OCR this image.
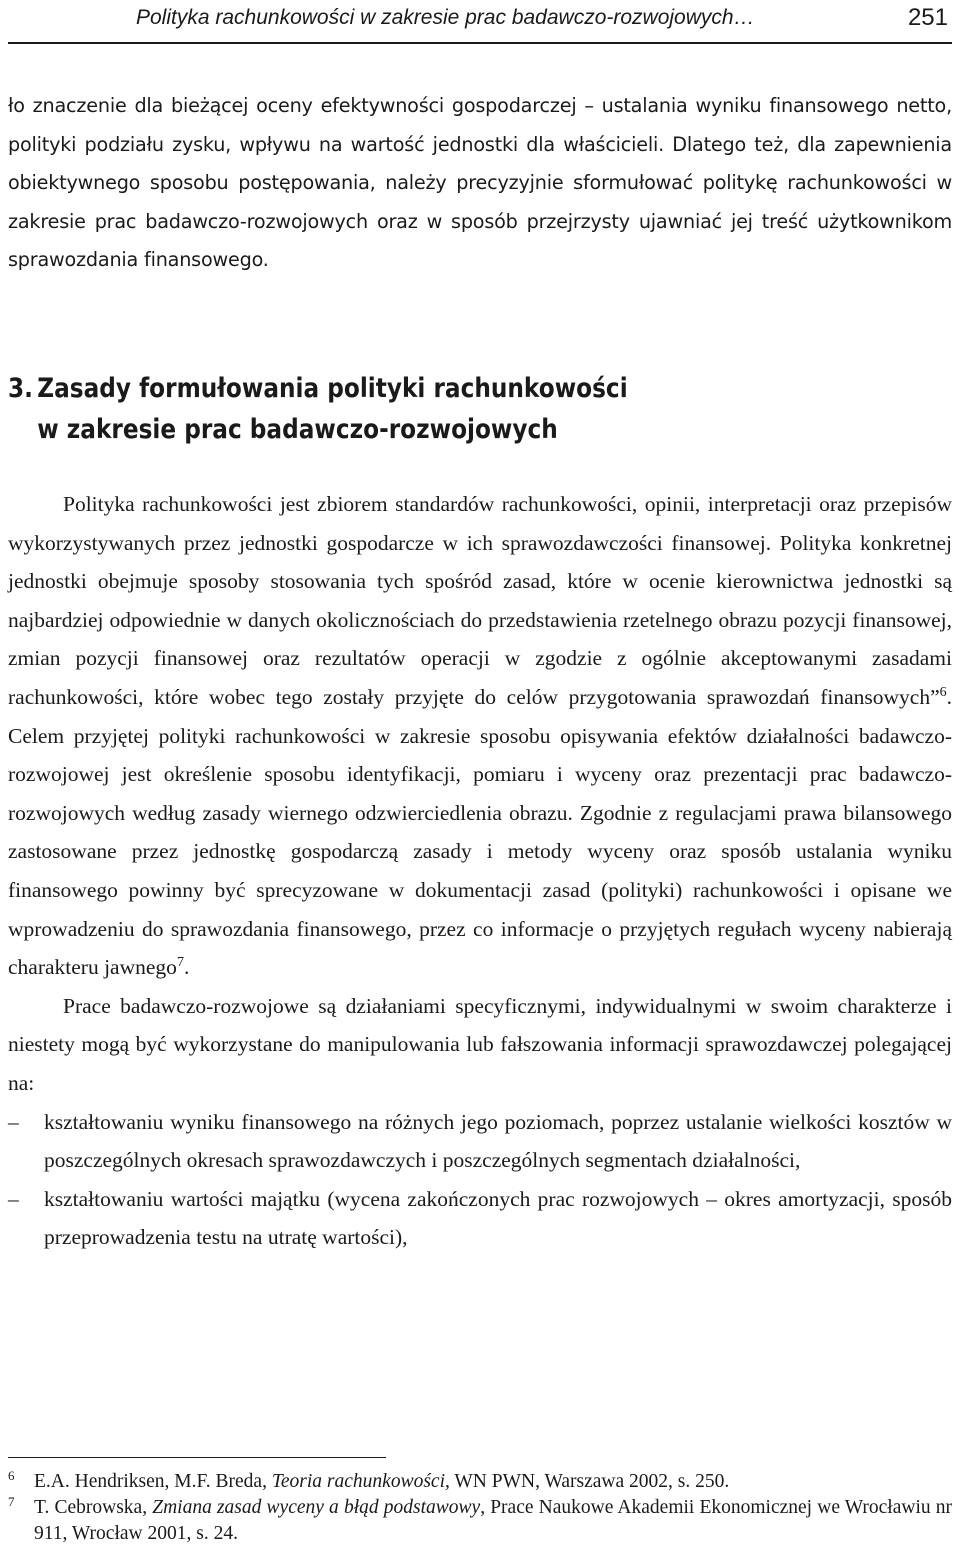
Polityka rachunkowości w zakresie prac badawczo-rozwojowych…	251

ło znaczenie dla bieżącej oceny efektywności gospodarczej – ustalania wyniku finansowego netto, polityki podziału zysku, wpływu na wartość jednostki dla właścicieli. Dlatego też, dla zapewnienia obiektywnego sposobu postępowania, należy precyzyjnie sformułować politykę rachunkowości w zakresie prac badawczo-rozwojowych oraz w sposób przejrzysty ujawniać jej treść użytkownikom sprawozdania finansowego.

3. Zasady formułowania polityki rachunkowości
w zakresie prac badawczo-rozwojowych

Polityka rachunkowości jest zbiorem standardów rachunkowości, opinii, interpretacji oraz przepisów wykorzystywanych przez jednostki gospodarcze w ich sprawozdawczości finansowej. Polityka konkretnej jednostki obejmuje sposoby stosowania tych spośród zasad, które w ocenie kierownictwa jednostki są najbardziej odpowiednie w danych okolicznościach do przedstawienia rzetelnego obrazu pozycji finansowej, zmian pozycji finansowej oraz rezultatów operacji w zgodzie z ogólnie akceptowanymi zasadami rachunkowości, które wobec tego zostały przyjęte do celów przygotowania sprawozdań finansowych”$^6$. Celem przyjętej polityki rachunkowości w zakresie sposobu opisywania efektów działalności badawczo-rozwojowej jest określenie sposobu identyfikacji, pomiaru i wyceny oraz prezentacji prac badawczo-rozwojowych według zasady wiernego odzwierciedlenia obrazu. Zgodnie z regulacjami prawa bilansowego zastosowane przez jednostkę gospodarczą zasady i metody wyceny oraz sposób ustalania wyniku finansowego powinny być sprecyzowane w dokumentacji zasad (polityki) rachunkowości i opisane we wprowadzeniu do sprawozdania finansowego, przez co informacje o przyjętych regułach wyceny nabierają charakteru jawnego$^7$.

Prace badawczo-rozwojowe są działaniami specyficznymi, indywidualnymi w swoim charakterze i niestety mogą być wykorzystane do manipulowania lub fałszowania informacji sprawozdawczej polegającej na:

– kształtowaniu wyniku finansowego na różnych jego poziomach, poprzez ustalanie wielkości kosztów w poszczególnych okresach sprawozdawczych i poszczególnych segmentach działalności,
– kształtowaniu wartości majątku (wycena zakończonych prac rozwojowych – okres amortyzacji, sposób przeprowadzenia testu na utratę wartości),
6 E.A. Hendriksen, M.F. Breda, Teoria rachunkowości, WN PWN, Warszawa 2002, s. 250.
7 T. Cebrowska, Zmiana zasad wyceny a błąd podstawowy, Prace Naukowe Akademii Ekonomicznej we Wrocławiu nr 911, Wrocław 2001, s. 24.
